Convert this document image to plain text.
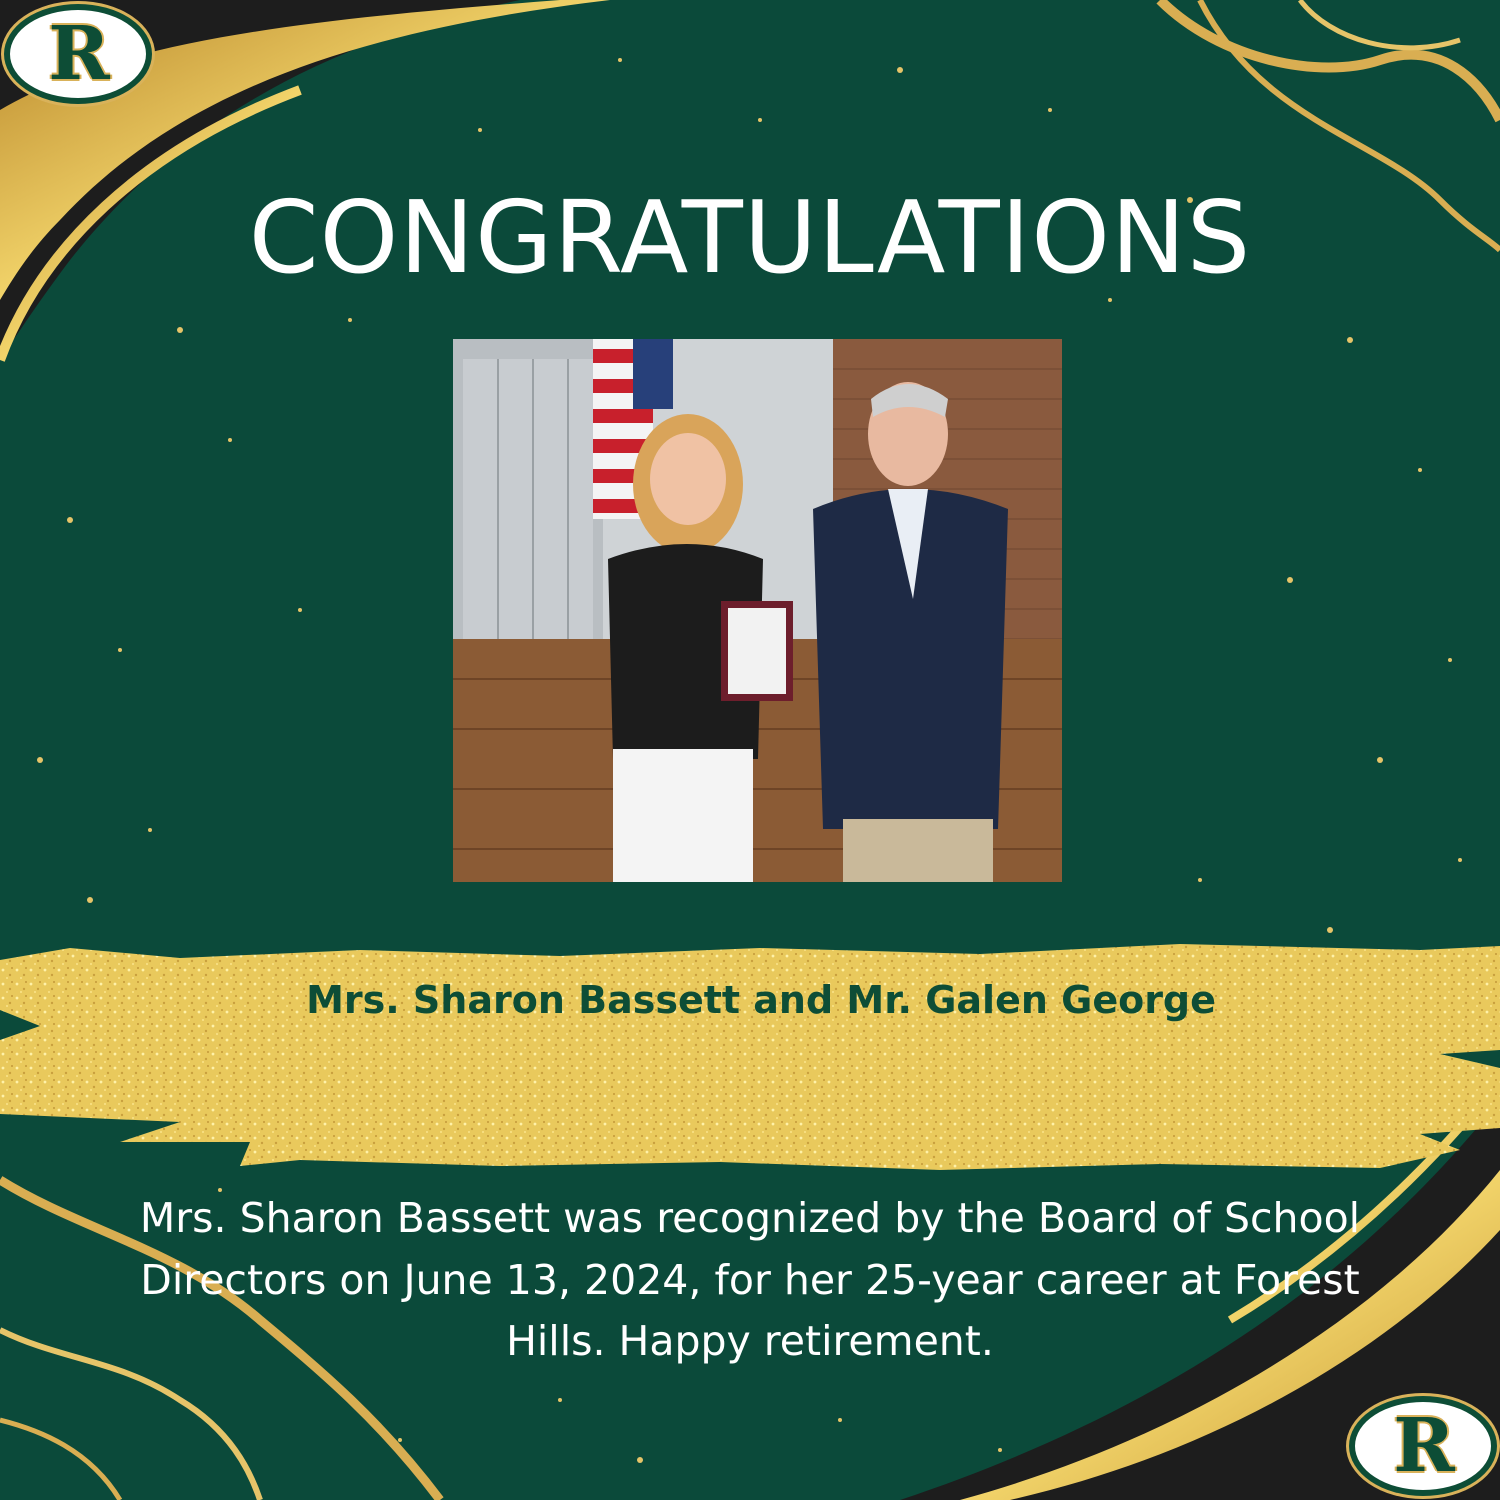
R
R
CONGRATULATIONS
Mrs. Sharon Bassett and Mr. Galen George
Mrs. Sharon Bassett was recognized by the Board of School Directors on June 13, 2024, for her 25-year career at Forest Hills. Happy retirement.
